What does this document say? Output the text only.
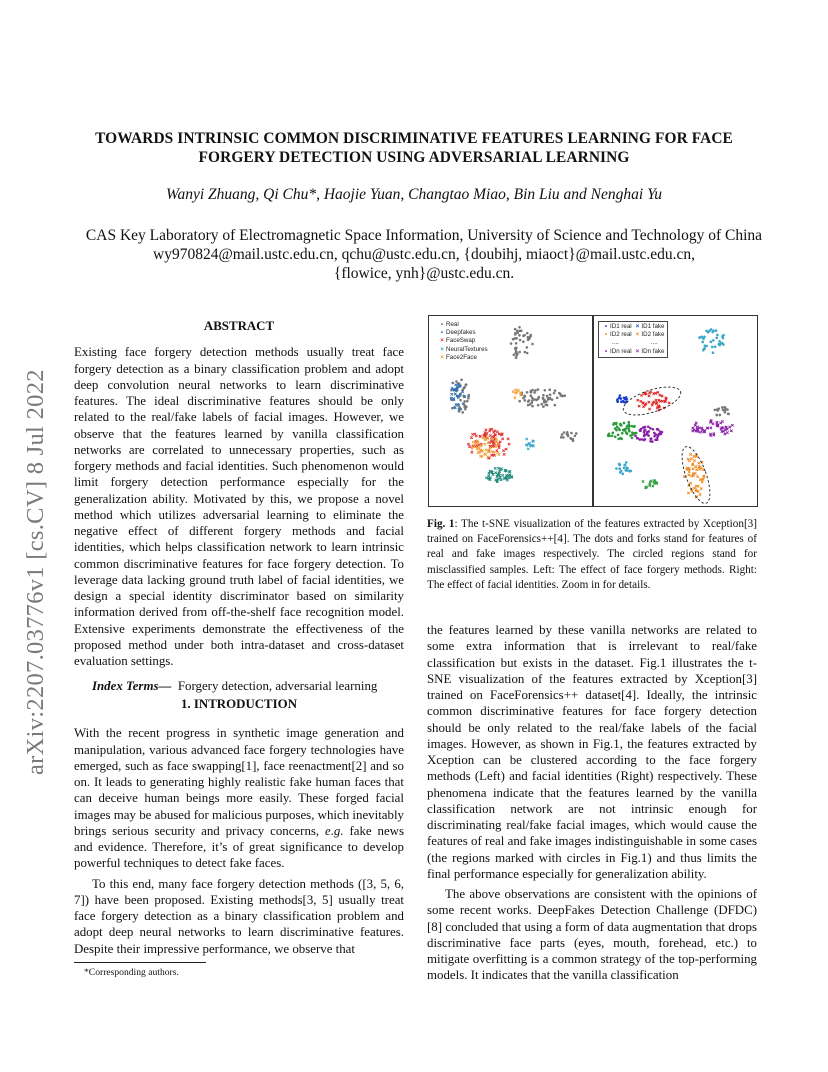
TOWARDS INTRINSIC COMMON DISCRIMINATIVE FEATURES LEARNING FOR FACE
FORGERY DETECTION USING ADVERSARIAL LEARNING
Wanyi Zhuang, Qi Chu*, Haojie Yuan, Changtao Miao, Bin Liu and Nenghai Yu
CAS Key Laboratory of Electromagnetic Space Information, University of Science and Technology of China
wy970824@mail.ustc.edu.cn, qchu@ustc.edu.cn, {doubihj, miaoct}@mail.ustc.edu.cn,
{flowice, ynh}@ustc.edu.cn.
arXiv:2207.03776v1 [cs.CV] 8 Jul 2022

ABSTRACT

Existing face forgery detection methods usually treat face forgery detection as a binary classification problem and adopt deep convolution neural networks to learn discriminative features. The ideal discriminative features should be only related to the real/fake labels of facial images. However, we observe that the features learned by vanilla classification networks are correlated to unnecessary properties, such as forgery methods and facial identities. Such phenomenon would limit forgery detection performance especially for the generalization ability. Motivated by this, we propose a novel method which utilizes adversarial learning to eliminate the negative effect of different forgery methods and facial identities, which helps classification network to learn intrinsic common discriminative features for face forgery detection. To leverage data lacking ground truth label of facial identities, we design a special identity discriminator based on similarity information derived from off-the-shelf face recognition model. Extensive experiments demonstrate the effectiveness of the proposed method under both intra-dataset and cross-dataset evaluation settings.

Index Terms— Forgery detection, adversarial learning

1. INTRODUCTION

With the recent progress in synthetic image generation and manipulation, various advanced face forgery technologies have emerged, such as face swapping[1], face reenactment[2] and so on. It leads to generating highly realistic fake human faces that can deceive human beings more easily. These forged facial images may be abused for malicious purposes, which inevitably brings serious security and privacy concerns, e.g. fake news and evidence. Therefore, it’s of great significance to develop powerful techniques to detect fake faces.

To this end, many face forgery detection methods ([3, 5, 6, 7]) have been proposed. Existing methods[3, 5] usually treat face forgery detection as a binary classification problem and adopt deep neural networks to learn discriminative features. Despite their impressive performance, we observe that

*Corresponding authors.
• Real
• Deepfakes
× FaceSwap
× NeuralTextures
× Face2Face
• ID1 real × ID1 fake
• ID2 real × ID2 fake
....	....
• IDn real × IDn fake
Fig. 1: The t-SNE visualization of the features extracted by Xception[3] trained on FaceForensics++[4]. The dots and forks stand for features of real and fake images respectively. The circled regions stand for misclassified samples. Left: The effect of face forgery methods. Right: The effect of facial identities. Zoom in for details.

the features learned by these vanilla networks are related to some extra information that is irrelevant to real/fake classification but exists in the dataset. Fig.1 illustrates the t-SNE visualization of the features extracted by Xception[3] trained on FaceForensics++ dataset[4]. Ideally, the intrinsic common discriminative features for face forgery detection should be only related to the real/fake labels of the facial images. However, as shown in Fig.1, the features extracted by Xception can be clustered according to the face forgery methods (Left) and facial identities (Right) respectively. These phenomena indicate that the features learned by the vanilla classification network are not intrinsic enough for discriminating real/fake facial images, which would cause the features of real and fake images indistinguishable in some cases (the regions marked with circles in Fig.1) and thus limits the final performance especially for generalization ability.

The above observations are consistent with the opinions of some recent works. DeepFakes Detection Challenge (DFDC) [8] concluded that using a form of data augmentation that drops discriminative face parts (eyes, mouth, forehead, etc.) to mitigate overfitting is a common strategy of the top-performing models. It indicates that the vanilla classification
